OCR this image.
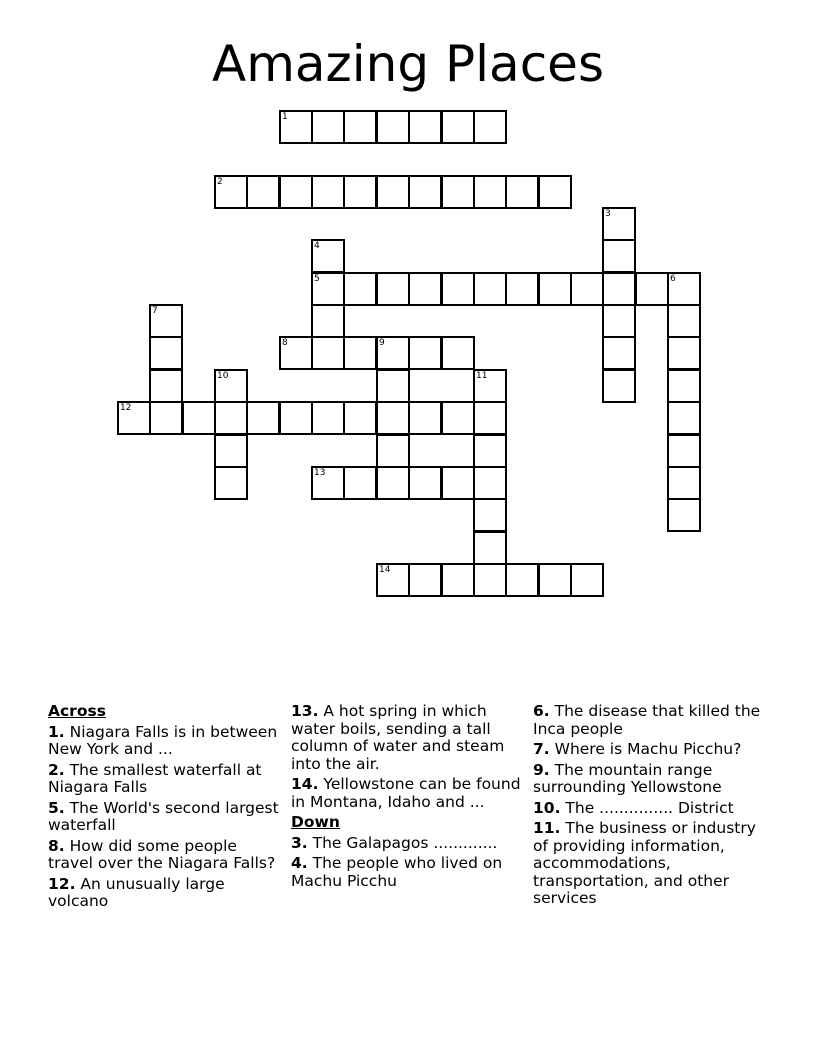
Amazing Places
1
2
3
4
5	6
7
8	9
10	11
12
13
14
Across
1. Niagara Falls is in between New York and ...
2. The smallest waterfall at Niagara Falls
5. The World's second largest waterfall
8. How did some people travel over the Niagara Falls?
12. An unusually large volcano
13. A hot spring in which water boils, sending a tall column of water and steam into the air.
14. Yellowstone can be found in Montana, Idaho and ...
Down
3. The Galapagos .............
4. The people who lived on Machu Picchu
6. The disease that killed the Inca people
7. Where is Machu Picchu?
9. The mountain range surrounding Yellowstone
10. The ............... District
11. The business or industry of providing information, accommodations, transportation, and other services
